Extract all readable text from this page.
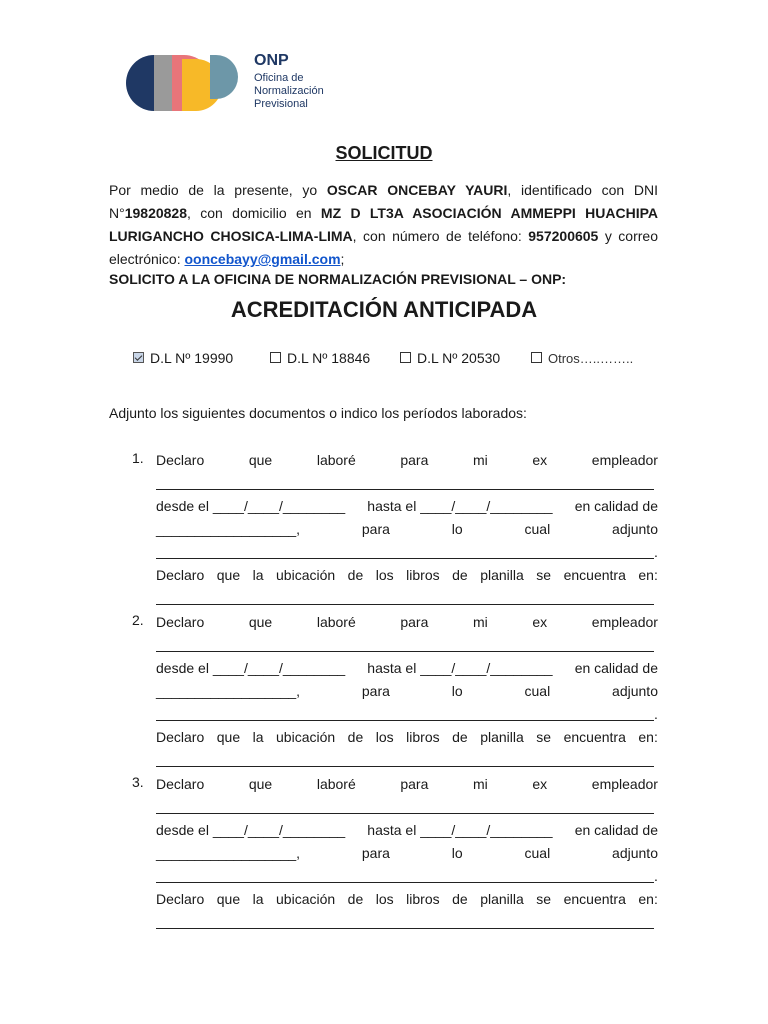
ONP
Oficina de
Normalización
Previsional
SOLICITUD
Por medio de la presente, yo OSCAR ONCEBAY YAURI, identificado con DNI N°19820828, con domicilio en MZ D LT3A ASOCIACIÓN AMMEPPI HUACHIPA LURIGANCHO CHOSICA-LIMA-LIMA, con número de teléfono: 957200605 y correo electrónico: ooncebayy@gmail.com;
SOLICITO A LA OFICINA DE NORMALIZACIÓN PREVISIONAL – ONP:
ACREDITACIÓN ANTICIPADA
D.L Nº 19990	D.L Nº 18846	D.L Nº 20530	Otros…..……..
Adjunto los siguientes documentos o indico los períodos laborados:
1. Declaro	que	laboré	para	mi	ex	empleador
desde el ____/____/________ hasta el ____/____/________ en calidad de
__________________,	para	lo	cual	adjunto
.
Declaro que la ubicación de los libros de planilla se encuentra en:
2. Declaro	que	laboré	para	mi	ex	empleador
desde el ____/____/________ hasta el ____/____/________ en calidad de
__________________,	para	lo	cual	adjunto
.
Declaro que la ubicación de los libros de planilla se encuentra en:
3. Declaro	que	laboré	para	mi	ex	empleador
desde el ____/____/________ hasta el ____/____/________ en calidad de
__________________,	para	lo	cual	adjunto
.
Declaro que la ubicación de los libros de planilla se encuentra en:
